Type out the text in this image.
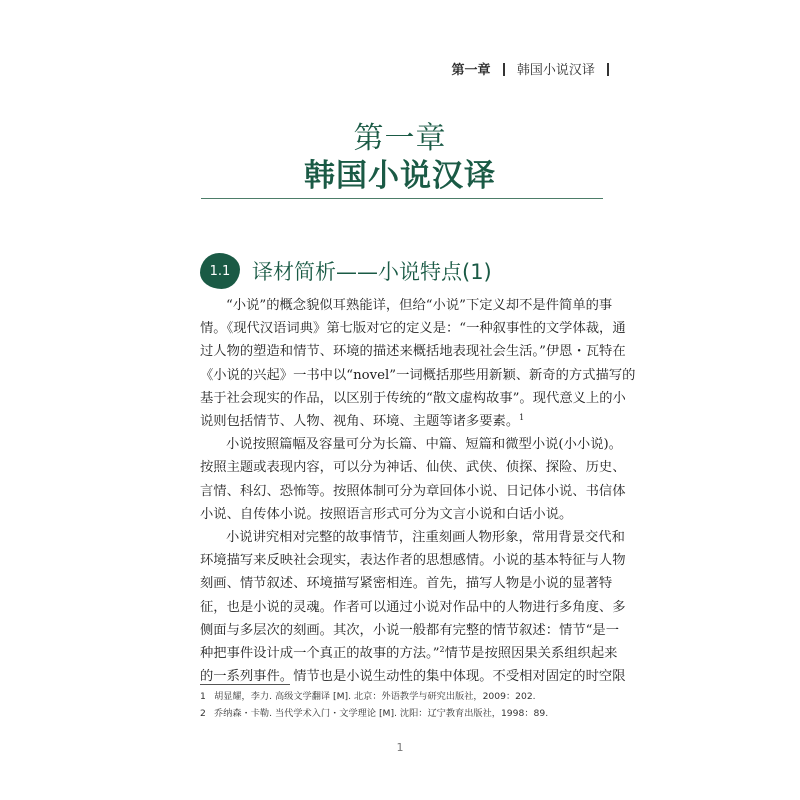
第一章 韩国小说汉译
第一章
韩国小说汉译
1.1	译材简析——小说特点(1)

“小说”的概念貌似耳熟能详，但给“小说”下定义却不是件简单的事
情。《现代汉语词典》第七版对它的定义是：“一种叙事性的文学体裁，通
过人物的塑造和情节、环境的描述来概括地表现社会生活。”伊恩・瓦特在
《小说的兴起》一书中以“novel”一词概括那些用新颖、新奇的方式描写的
基于社会现实的作品，以区别于传统的“散文虚构故事”。现代意义上的小
说则包括情节、人物、视角、环境、主题等诸多要素。$^1$

小说按照篇幅及容量可分为长篇、中篇、短篇和微型小说(小小说)。
按照主题或表现内容，可以分为神话、仙侠、武侠、侦探、探险、历史、
言情、科幻、恐怖等。按照体制可分为章回体小说、日记体小说、书信体
小说、自传体小说。按照语言形式可分为文言小说和白话小说。

小说讲究相对完整的故事情节，注重刻画人物形象，常用背景交代和
环境描写来反映社会现实，表达作者的思想感情。小说的基本特征与人物
刻画、情节叙述、环境描写紧密相连。首先，描写人物是小说的显著特
征，也是小说的灵魂。作者可以通过小说对作品中的人物进行多角度、多
侧面与多层次的刻画。其次，小说一般都有完整的情节叙述：情节“是一
种把事件设计成一个真正的故事的方法。”$^2$情节是按照因果关系组织起来
的一系列事件。情节也是小说生动性的集中体现。不受相对固定的时空限

1 胡显耀，李力. 高级文学翻译 [M]. 北京：外语教学与研究出版社，2009：202.
2 乔纳森・卡勒. 当代学术入门・文学理论 [M]. 沈阳：辽宁教育出版社，1998：89.
1
